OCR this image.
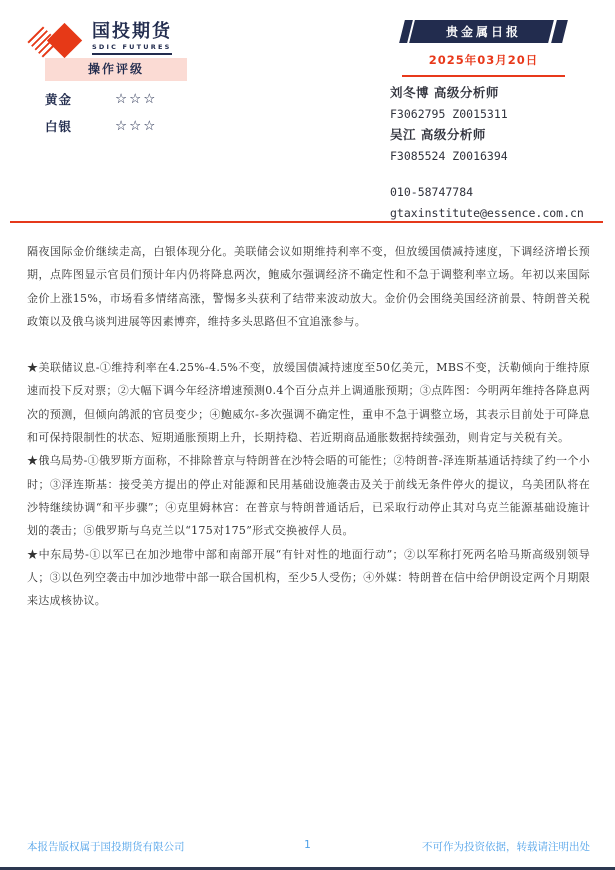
国投期货
SDIC FUTURES
贵金属日报
2025年03月20日
操作评级
黄金	☆☆☆
白银	☆☆☆
刘冬博 高级分析师
F3062795 Z0015311
吴江 高级分析师
F3085524 Z0016394
010-58747784
gtaxinstitute@essence.com.cn

隔夜国际金价继续走高，白银体现分化。美联储会议如期维持利率不变，但放缓国债减持速度，下调经济增长预期，点阵图显示官员们预计年内仍将降息两次，鲍威尔强调经济不确定性和不急于调整利率立场。年初以来国际金价上涨15%，市场看多情绪高涨，警惕多头获利了结带来波动放大。金价仍会围绕美国经济前景、特朗普关税政策以及俄乌谈判进展等因素博弈，维持多头思路但不宜追涨参与。

★美联储议息-①维持利率在4.25%-4.5%不变，放缓国债减持速度至50亿美元，MBS不变，沃勒倾向于维持原速而投下反对票；②大幅下调今年经济增速预测0.4个百分点并上调通胀预期；③点阵图：今明两年维持各降息两次的预测，但倾向鸽派的官员变少；④鲍威尔-多次强调不确定性，重申不急于调整立场，其表示目前处于可降息和可保持限制性的状态、短期通胀预期上升，长期持稳、若近期商品通胀数据持续强劲，则肯定与关税有关。

★俄乌局势-①俄罗斯方面称，不排除普京与特朗普在沙特会晤的可能性；②特朗普-泽连斯基通话持续了约一个小时；③泽连斯基：接受美方提出的停止对能源和民用基础设施袭击及关于前线无条件停火的提议，乌美团队将在沙特继续协调“和平步骤”；④克里姆林宫：在普京与特朗普通话后，已采取行动停止其对乌克兰能源基础设施计划的袭击；⑤俄罗斯与乌克兰以“175对175”形式交换被俘人员。

★中东局势-①以军已在加沙地带中部和南部开展“有针对性的地面行动”；②以军称打死两名哈马斯高级别领导人；③以色列空袭击中加沙地带中部一联合国机构，至少5人受伤；④外媒：特朗普在信中给伊朗设定两个月期限来达成核协议。

本报告版权属于国投期货有限公司	1	不可作为投资依据，转载请注明出处
